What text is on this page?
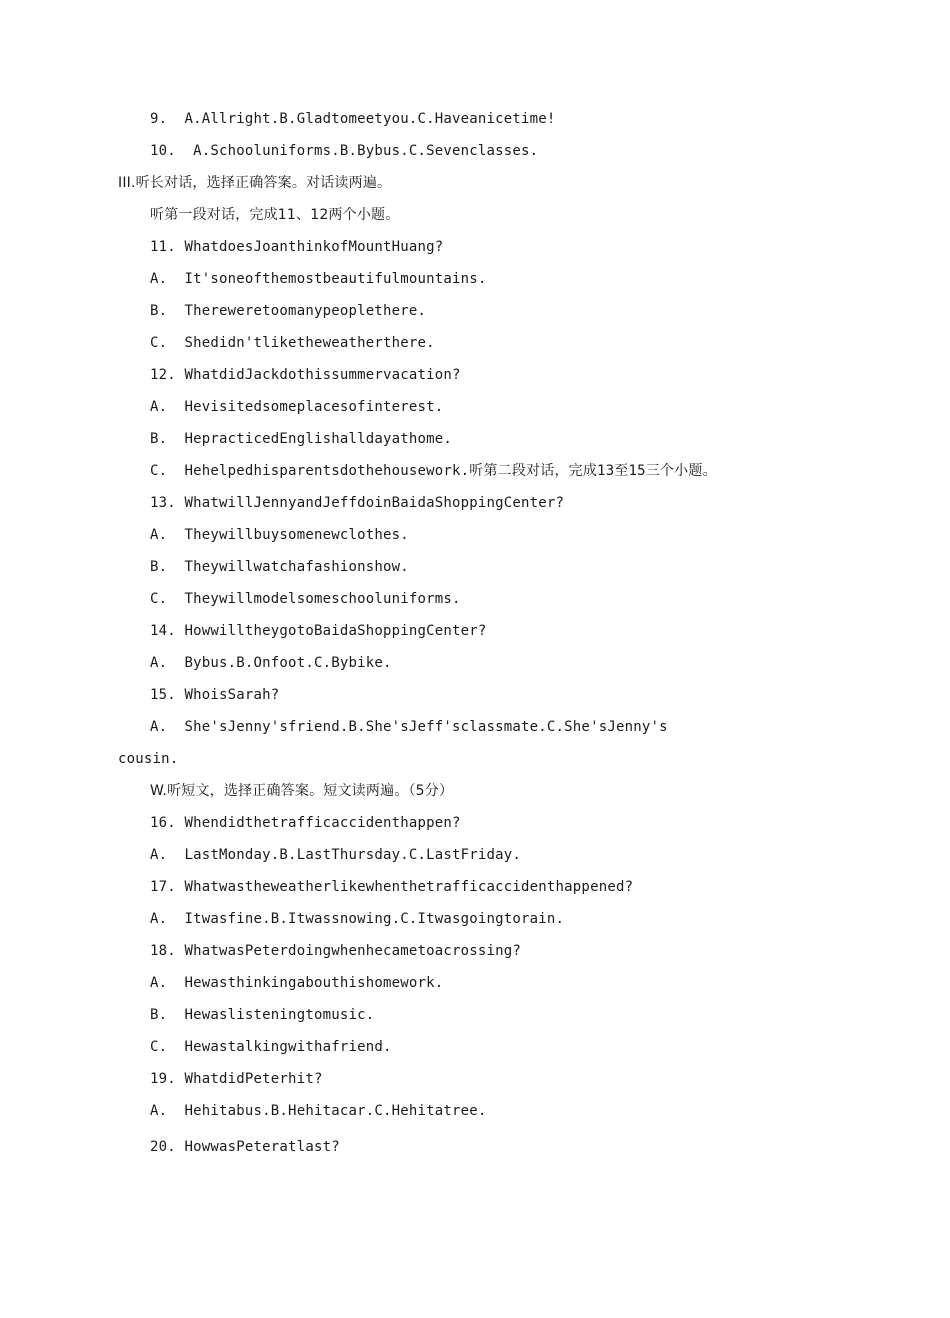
9.  A.Allright.B.Gladtomeetyou.C.Haveanicetime!
10.  A.Schooluniforms.B.Bybus.C.Sevenclasses.
III.听长对话，选择正确答案。对话读两遍。
听第一段对话，完成11、12两个小题。
11. WhatdoesJoanthinkofMountHuang?
A.  It'soneofthemostbeautifulmountains.
B.  Thereweretoomanypeoplethere.
C.  Shedidn'tliketheweatherthere.
12. WhatdidJackdothissummervacation?
A.  Hevisitedsomeplacesofinterest.
B.  HepracticedEnglishalldayathome.
C.  Hehelpedhisparentsdothehousework.听第二段对话，完成13至15三个小题。
13. WhatwillJennyandJeffdoinBaidaShoppingCenter?
A.  Theywillbuysomenewclothes.
B.  Theywillwatchafashionshow.
C.  Theywillmodelsomeschooluniforms.
14. HowwilltheygotoBaidaShoppingCenter?
A.  Bybus.B.Onfoot.C.Bybike.
15. WhoisSarah?
A.  She'sJenny'sfriend.B.She'sJeff'sclassmate.C.She'sJenny's
cousin.
W.听短文，选择正确答案。短文读两遍。（5分）
16. Whendidthetrafficaccidenthappen?
A.  LastMonday.B.LastThursday.C.LastFriday.
17. Whatwastheweatherlikewhenthetrafficaccidenthappened?
A.  Itwasfine.B.Itwassnowing.C.Itwasgoingtorain.
18. WhatwasPeterdoingwhenhecametoacrossing?
A.  Hewasthinkingabouthishomework.
B.  Hewaslisteningtomusic.
C.  Hewastalkingwithafriend.
19. WhatdidPeterhit?
A.  Hehitabus.B.Hehitacar.C.Hehitatree.
20. HowwasPeteratlast?
